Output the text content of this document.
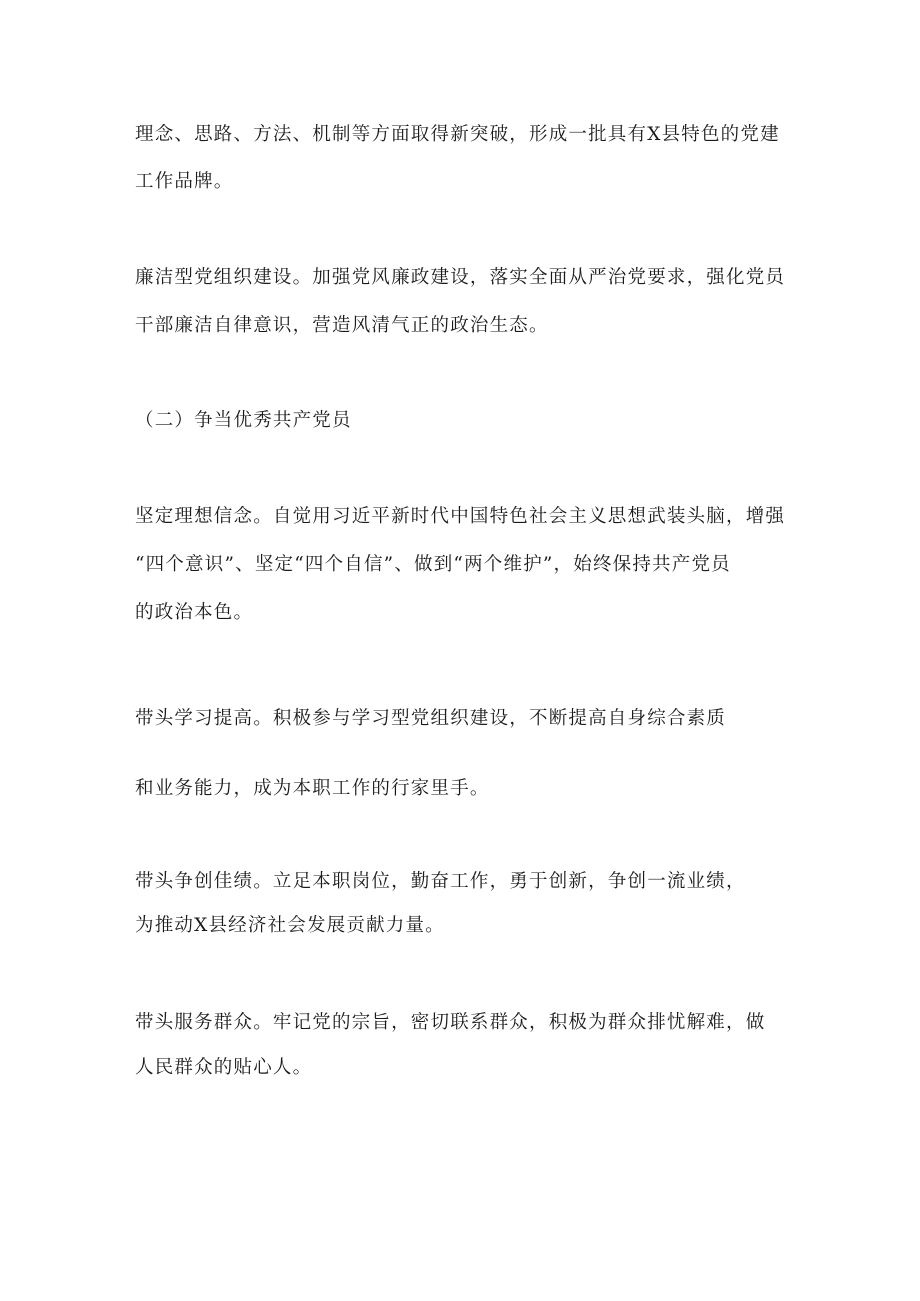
理念、思路、方法、机制等方面取得新突破，形成一批具有X县特色的党建
工作品牌。
廉洁型党组织建设。加强党风廉政建设，落实全面从严治党要求，强化党员
干部廉洁自律意识，营造风清气正的政治生态。
（二）争当优秀共产党员
坚定理想信念。自觉用习近平新时代中国特色社会主义思想武装头脑，增强
“四个意识”、坚定“四个自信”、做到“两个维护”，始终保持共产党员
的政治本色。
带头学习提高。积极参与学习型党组织建设，不断提高自身综合素质
和业务能力，成为本职工作的行家里手。
带头争创佳绩。立足本职岗位，勤奋工作，勇于创新，争创一流业绩，
为推动X县经济社会发展贡献力量。
带头服务群众。牢记党的宗旨，密切联系群众，积极为群众排忧解难，做
人民群众的贴心人。
